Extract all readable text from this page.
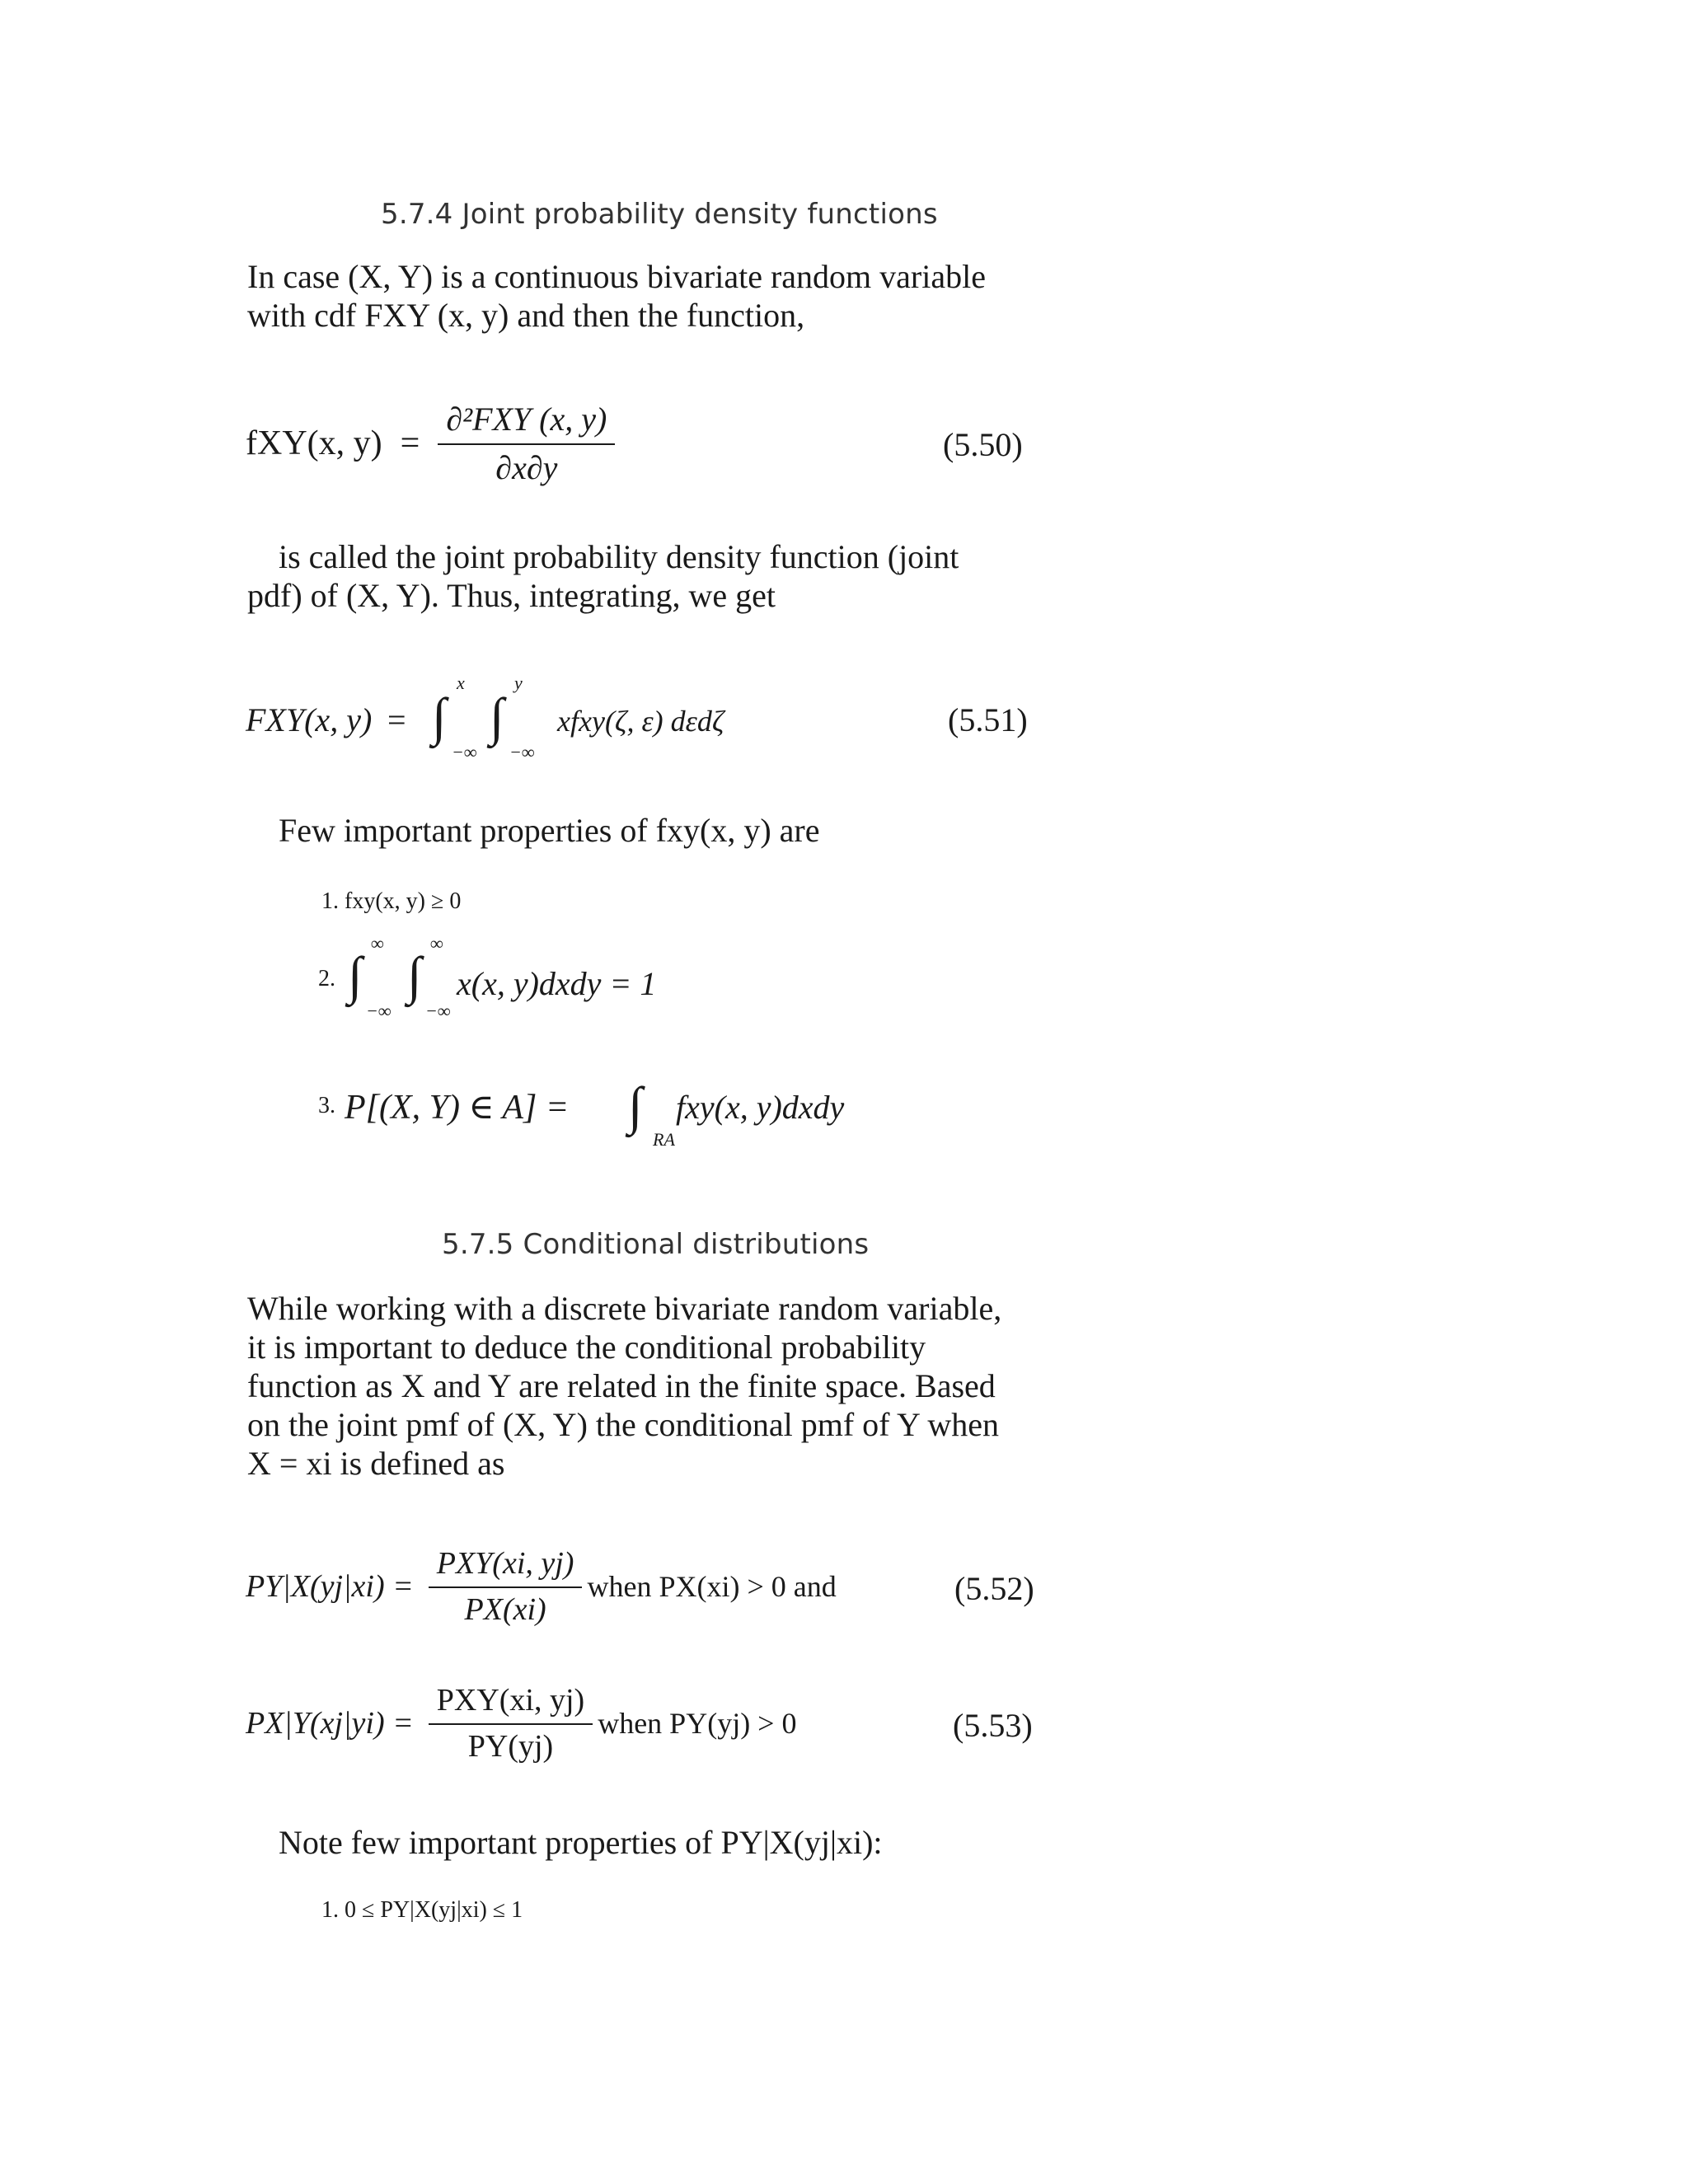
5.7.4 Joint probability density functions

In case (X, Y) is a continuous bivariate random variable

with cdf FXY (x, y) and then the function,

fXY(x, $y) = \frac{\text{∂²FXY (x, y)}}{\partial x\partial y}$	(5.50)

is called the joint probability density function (joint

pdf) of (X, Y). Thus, integrating, we get

FXY(x, y) = ∫
x
−∞
∫
y
−∞
xfxy(ζ, ε) dεdζ	(5.51)
Few important properties of fxy(x, y) are
1. fxy(x, y) ≥ 0
2. ∫
∞
−∞
∫
∞
−∞
x(x, y)dxdy = 1
3. P[(X, Y) ∈ A] = ∫
RA
fxy(x, y)dxdy
5.7.5 Conditional distributions

While working with a discrete bivariate random variable,

it is important to deduce the conditional probability

function as X and Y are related in the finite space. Based

on the joint pmf of (X, Y) the conditional pmf of Y when

X = xi is defined as

$PY|X(yj|xi) = \frac{\text{PXY(xi, yj)}}{PX(xi)}$ when PX(xi) > 0 and	(5.52)
$PX|Y(xj|yi) = \frac{\text{PXY(xi, yj)}}{PY(yj)}$ when PY(yj) > 0	(5.53)
Note few important properties of PY|X(yj|xi):
1. 0 ≤ PY|X(yj|xi) ≤ 1
